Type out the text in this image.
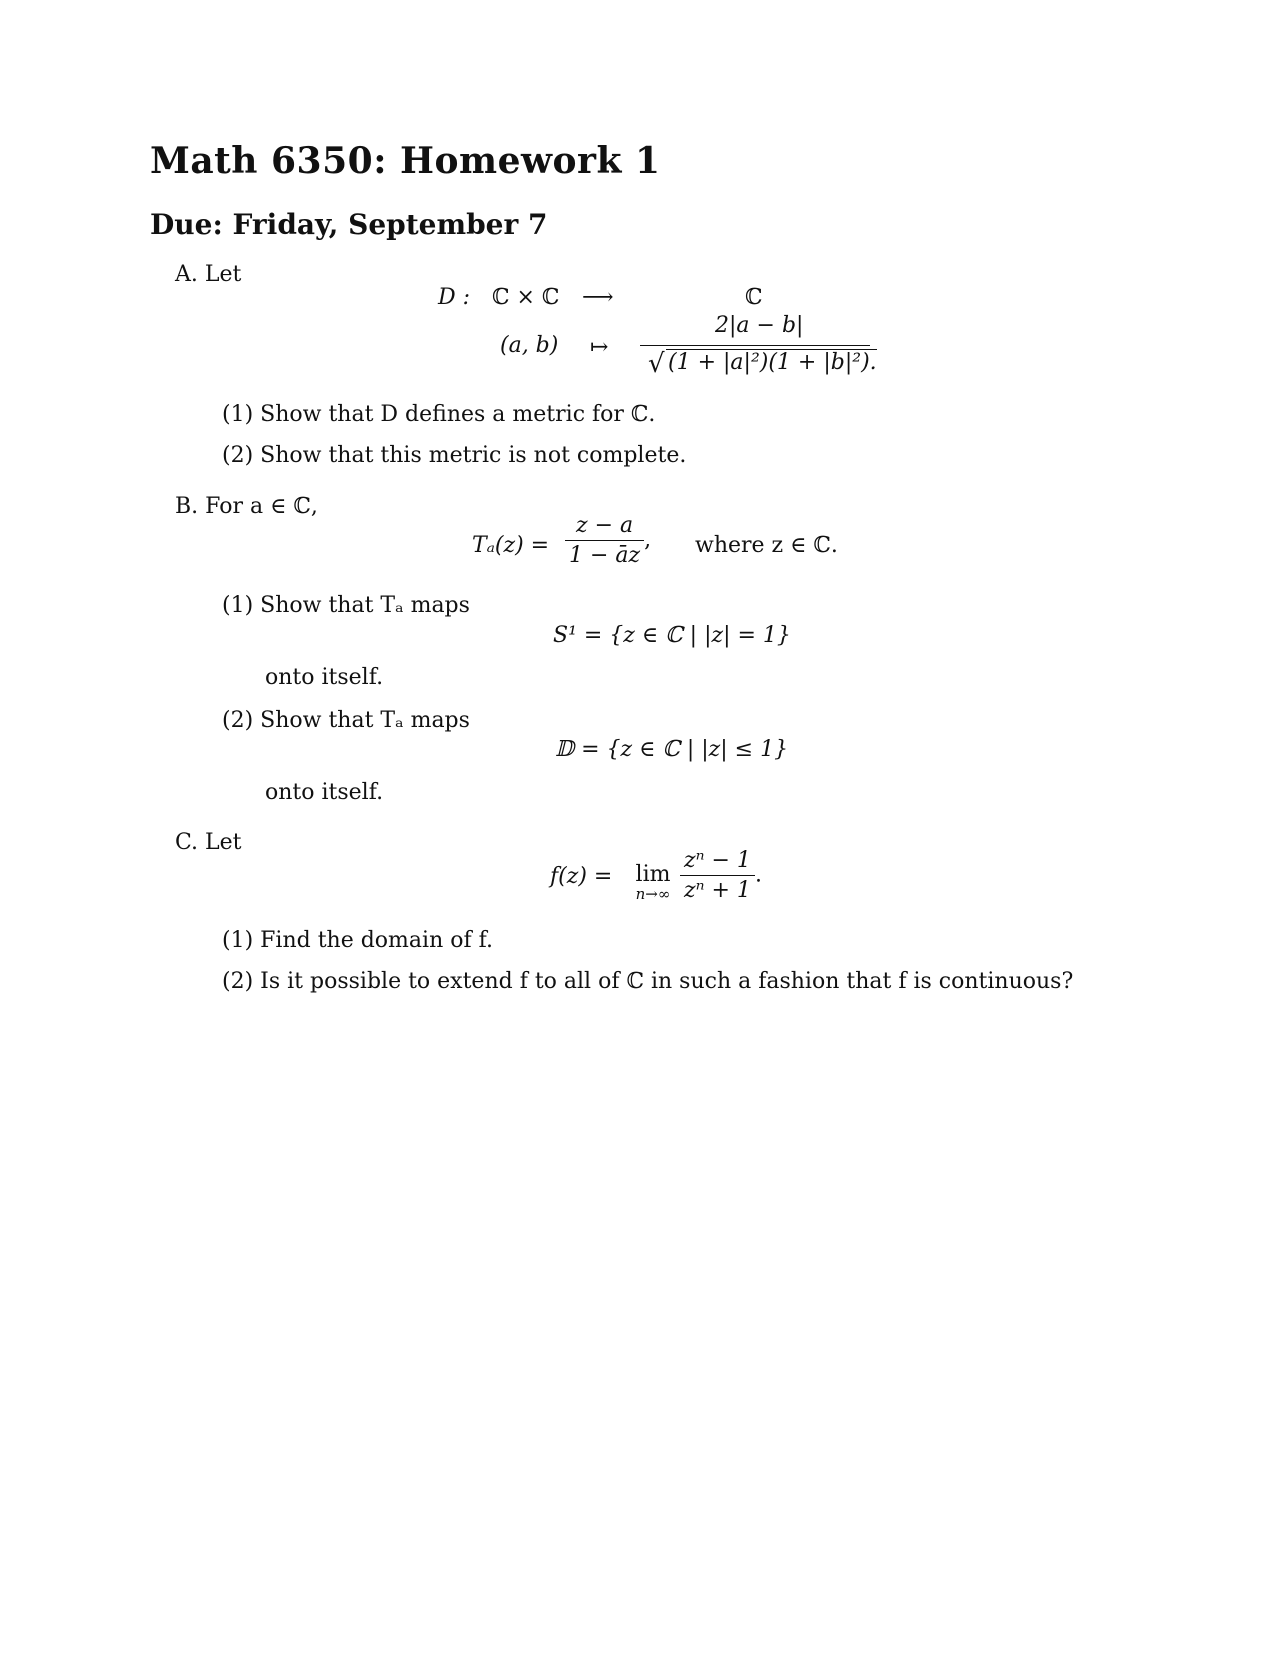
Math 6350: Homework 1
Due: Friday, September 7
A. Let
D : ℂ × ℂ ⟶	ℂ
(a, b) ↦
2|a − b|
√ (1 + |a|²)(1 + |b|²).
(1) Show that D defines a metric for ℂ.
(2) Show that this metric is not complete.
B. For a ∈ ℂ,
$T_a(z) = \frac{z - a}{1 - āz}$ , where z ∈ ℂ.
(1) Show that Tₐ maps
S¹ = {z ∈ ℂ | |z| = 1}
onto itself.
(2) Show that Tₐ maps
𝔻 = {z ∈ ℂ | |z| ≤ 1}
onto itself.
C. Let
f(z) =	lim
$n\to\infty \frac{\text{zⁿ − 1}}{\text{zⁿ + 1}}$ .
(1) Find the domain of f.
(2) Is it possible to extend f to all of ℂ in such a fashion that f is continuous?
